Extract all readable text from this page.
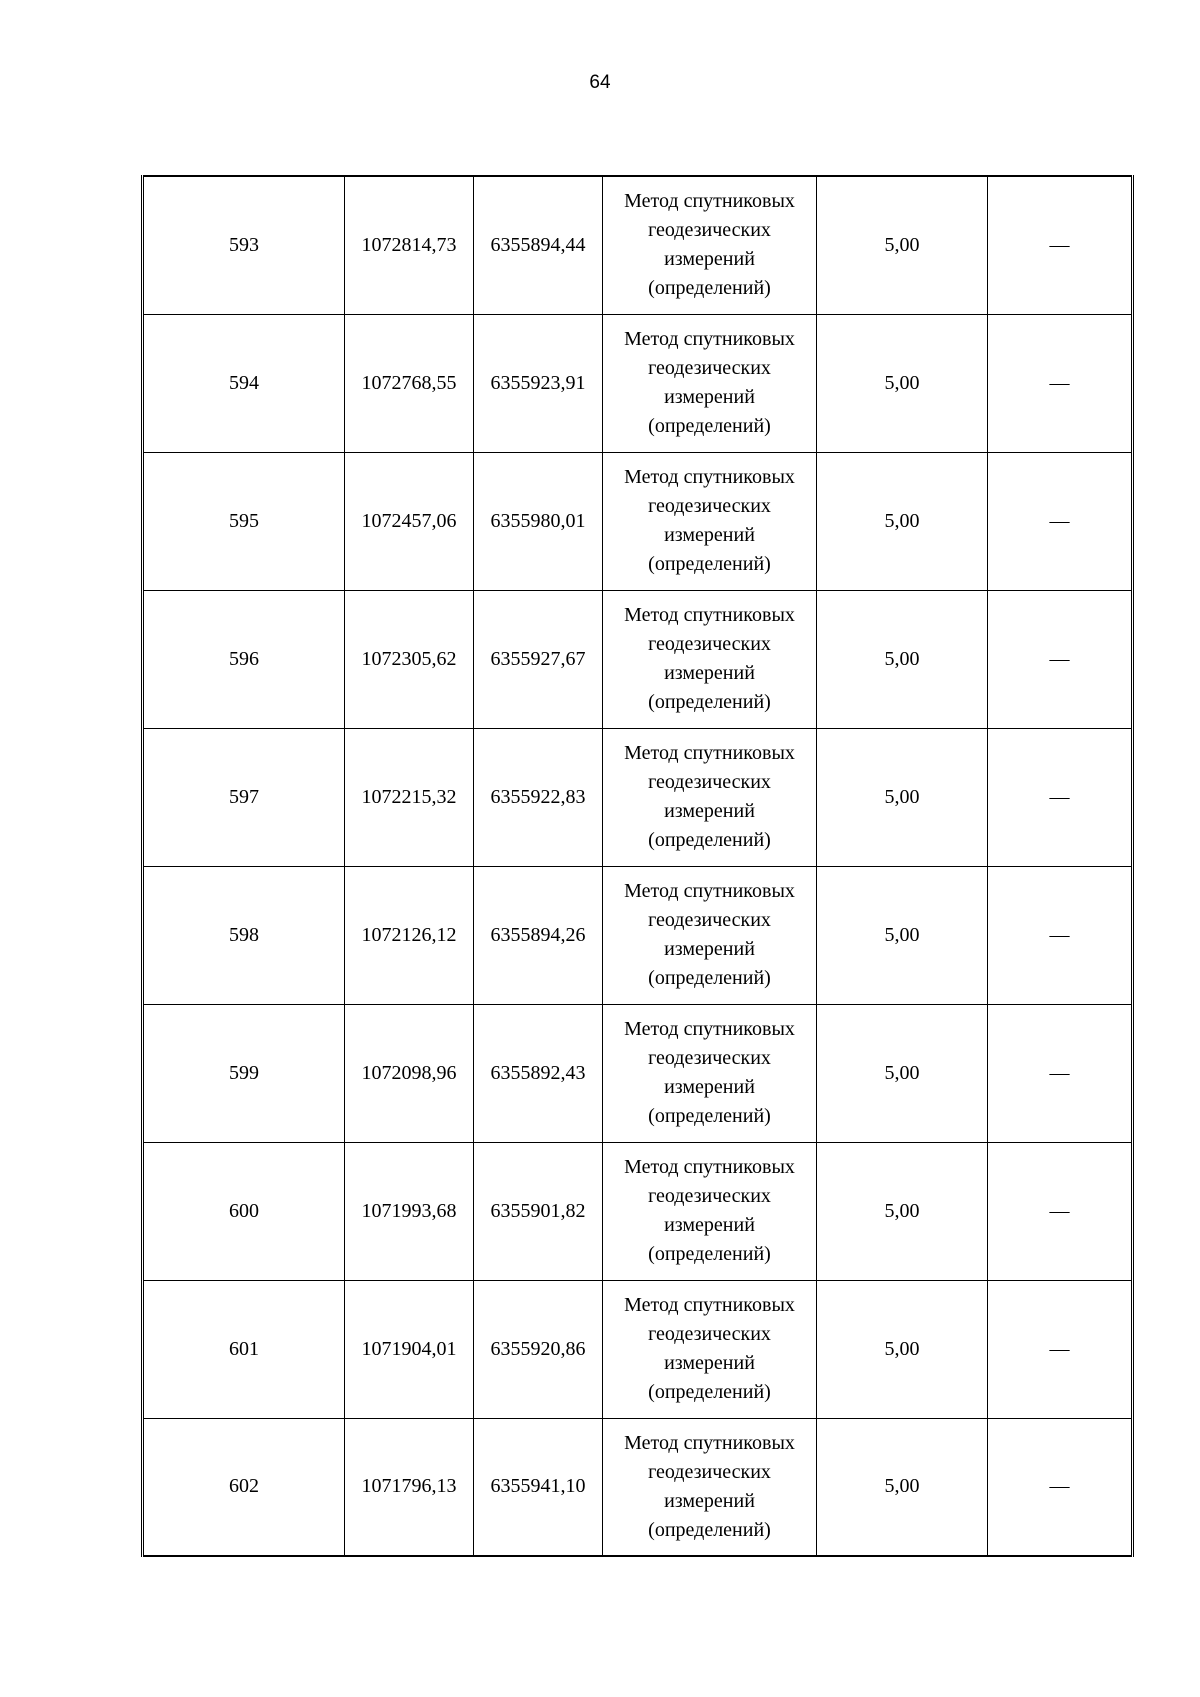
64
593	1072814,73	6355894,44	Метод спутниковых
геодезических
измерений
(определений)	5,00	—
594	1072768,55	6355923,91	Метод спутниковых
геодезических
измерений
(определений)	5,00	—
595	1072457,06	6355980,01	Метод спутниковых
геодезических
измерений
(определений)	5,00	—
596	1072305,62	6355927,67	Метод спутниковых
геодезических
измерений
(определений)	5,00	—
597	1072215,32	6355922,83	Метод спутниковых
геодезических
измерений
(определений)	5,00	—
598	1072126,12	6355894,26	Метод спутниковых
геодезических
измерений
(определений)	5,00	—
599	1072098,96	6355892,43	Метод спутниковых
геодезических
измерений
(определений)	5,00	—
600	1071993,68	6355901,82	Метод спутниковых
геодезических
измерений
(определений)	5,00	—
601	1071904,01	6355920,86	Метод спутниковых
геодезических
измерений
(определений)	5,00	—
602	1071796,13	6355941,10	Метод спутниковых
геодезических
измерений
(определений)	5,00	—
